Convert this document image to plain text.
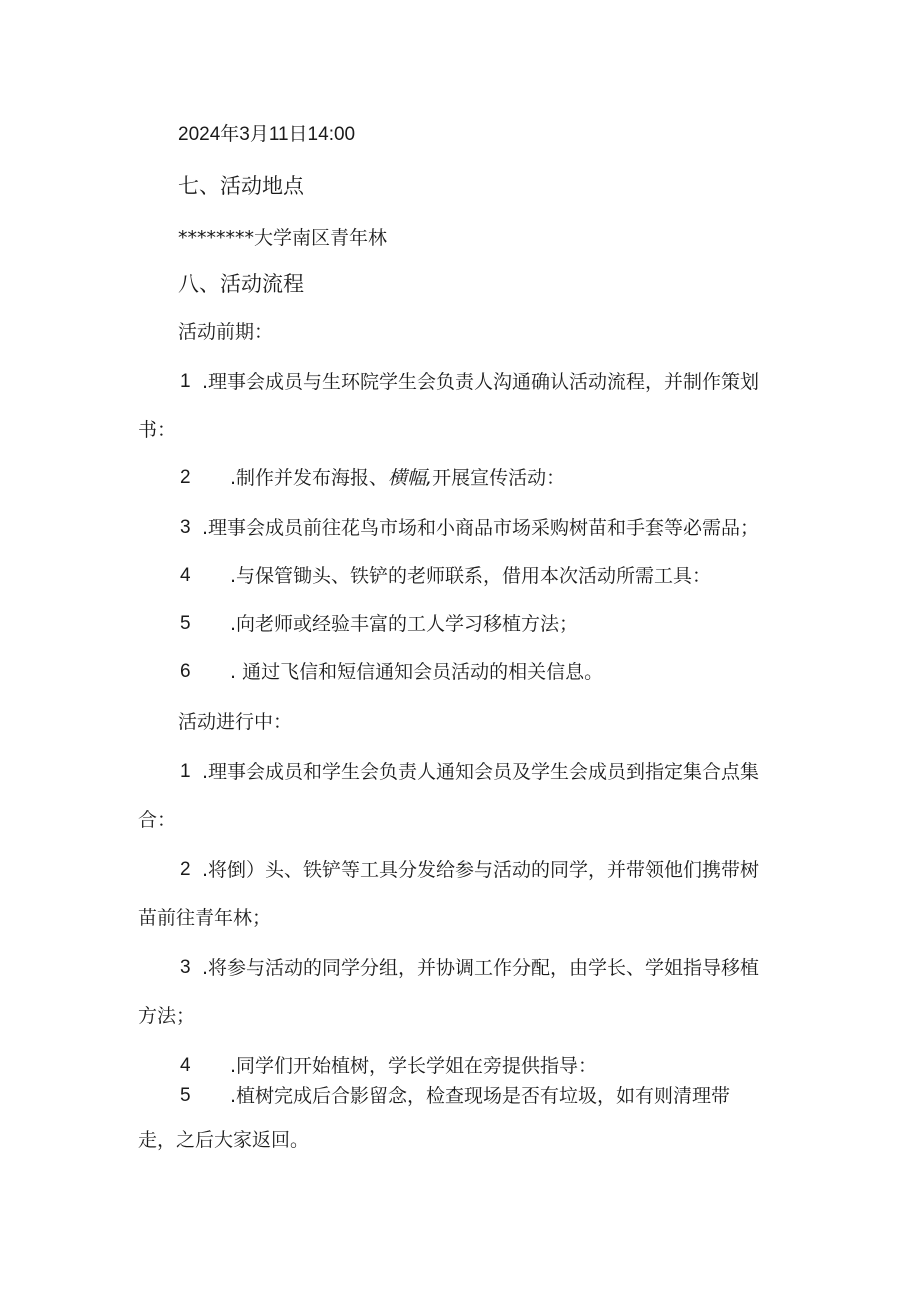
2024年3月11日14:00
七、活动地点
********大学南区青年林
八、活动流程
活动前期：
1 .理事会成员与生环院学生会负责人沟通确认活动流程，并制作策划
书：
2 .制作并发布海报、横幅,开展宣传活动：
3 .理事会成员前往花鸟市场和小商品市场采购树苗和手套等必需品；
4 .与保管锄头、铁铲的老师联系，借用本次活动所需工具：
5 .向老师或经验丰富的工人学习移植方法；
6 . 通过飞信和短信通知会员活动的相关信息。
活动进行中：
1 .理事会成员和学生会负责人通知会员及学生会成员到指定集合点集
合：
2 .将倒）头、铁铲等工具分发给参与活动的同学，并带领他们携带树
苗前往青年林；
3 .将参与活动的同学分组，并协调工作分配，由学长、学姐指导移植
方法；
4 .同学们开始植树，学长学姐在旁提供指导：
5 .植树完成后合影留念，检查现场是否有垃圾，如有则清理带
走，之后大家返回。
